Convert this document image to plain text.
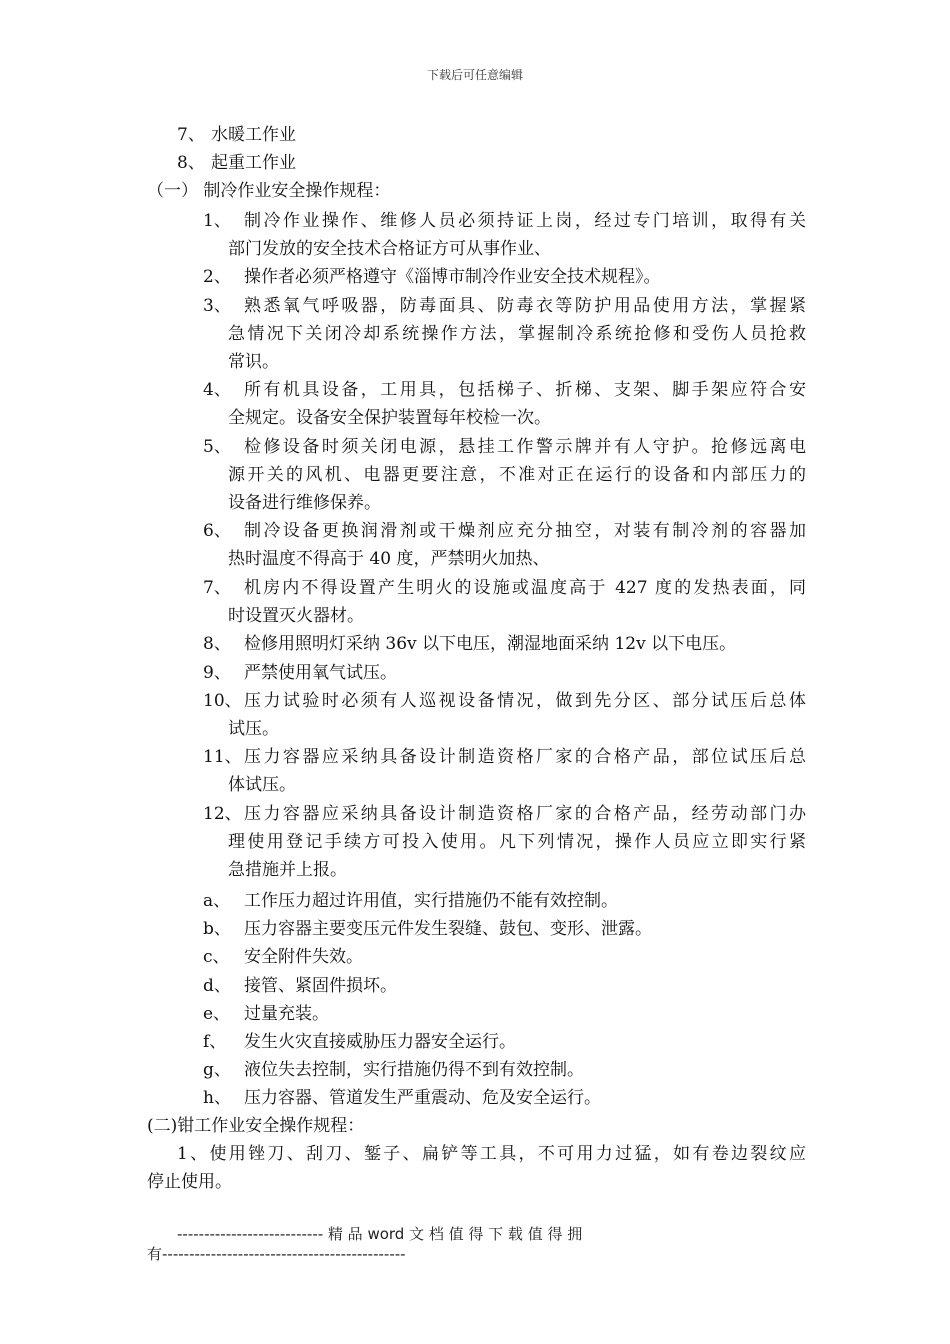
下载后可任意编辑
7、 水暖工作业
8、 起重工作业
（一） 制冷作业安全操作规程：
1、 制冷作业操作、维修人员必须持证上岗，经过专门培训，取得有关
部门发放的安全技术合格证方可从事作业、
2、 操作者必须严格遵守《淄博市制冷作业安全技术规程》。
3、 熟悉氧气呼吸器，防毒面具、防毒衣等防护用品使用方法，掌握紧
急情况下关闭冷却系统操作方法，掌握制冷系统抢修和受伤人员抢救
常识。
4、 所有机具设备，工用具，包括梯子、折梯、支架、脚手架应符合安
全规定。设备安全保护装置每年校检一次。
5、 检修设备时须关闭电源，悬挂工作警示牌并有人守护。抢修远离电
源开关的风机、电器更要注意，不准对正在运行的设备和内部压力的
设备进行维修保养。
6、 制冷设备更换润滑剂或干燥剂应充分抽空，对装有制冷剂的容器加
热时温度不得高于 40 度，严禁明火加热、
7、 机房内不得设置产生明火的设施或温度高于 427 度的发热表面，同
时设置灭火器材。
8、 检修用照明灯采纳 36v 以下电压，潮湿地面采纳 12v 以下电压。
9、 严禁使用氧气试压。
10、 压力试验时必须有人巡视设备情况，做到先分区、部分试压后总体
试压。
11、 压力容器应采纳具备设计制造资格厂家的合格产品，部位试压后总
体试压。
12、 压力容器应采纳具备设计制造资格厂家的合格产品，经劳动部门办
理使用登记手续方可投入使用。凡下列情况，操作人员应立即实行紧
急措施并上报。
a、 工作压力超过许用值，实行措施仍不能有效控制。
b、 压力容器主要变压元件发生裂缝、鼓包、变形、泄露。
c、 安全附件失效。
d、 接管、紧固件损坏。
e、 过量充装。
f、 发生火灾直接威胁压力器安全运行。
g、 液位失去控制，实行措施仍得不到有效控制。
h、 压力容器、管道发生严重震动、危及安全运行。
(二)钳工作业安全操作规程：
1、使用锉刀、刮刀、錾子、扁铲等工具，不可用力过猛，如有卷边裂纹应
停止使用。
--------------------------- 精 品 word 文 档 值 得 下 载 值 得 拥
有---------------------------------------------
